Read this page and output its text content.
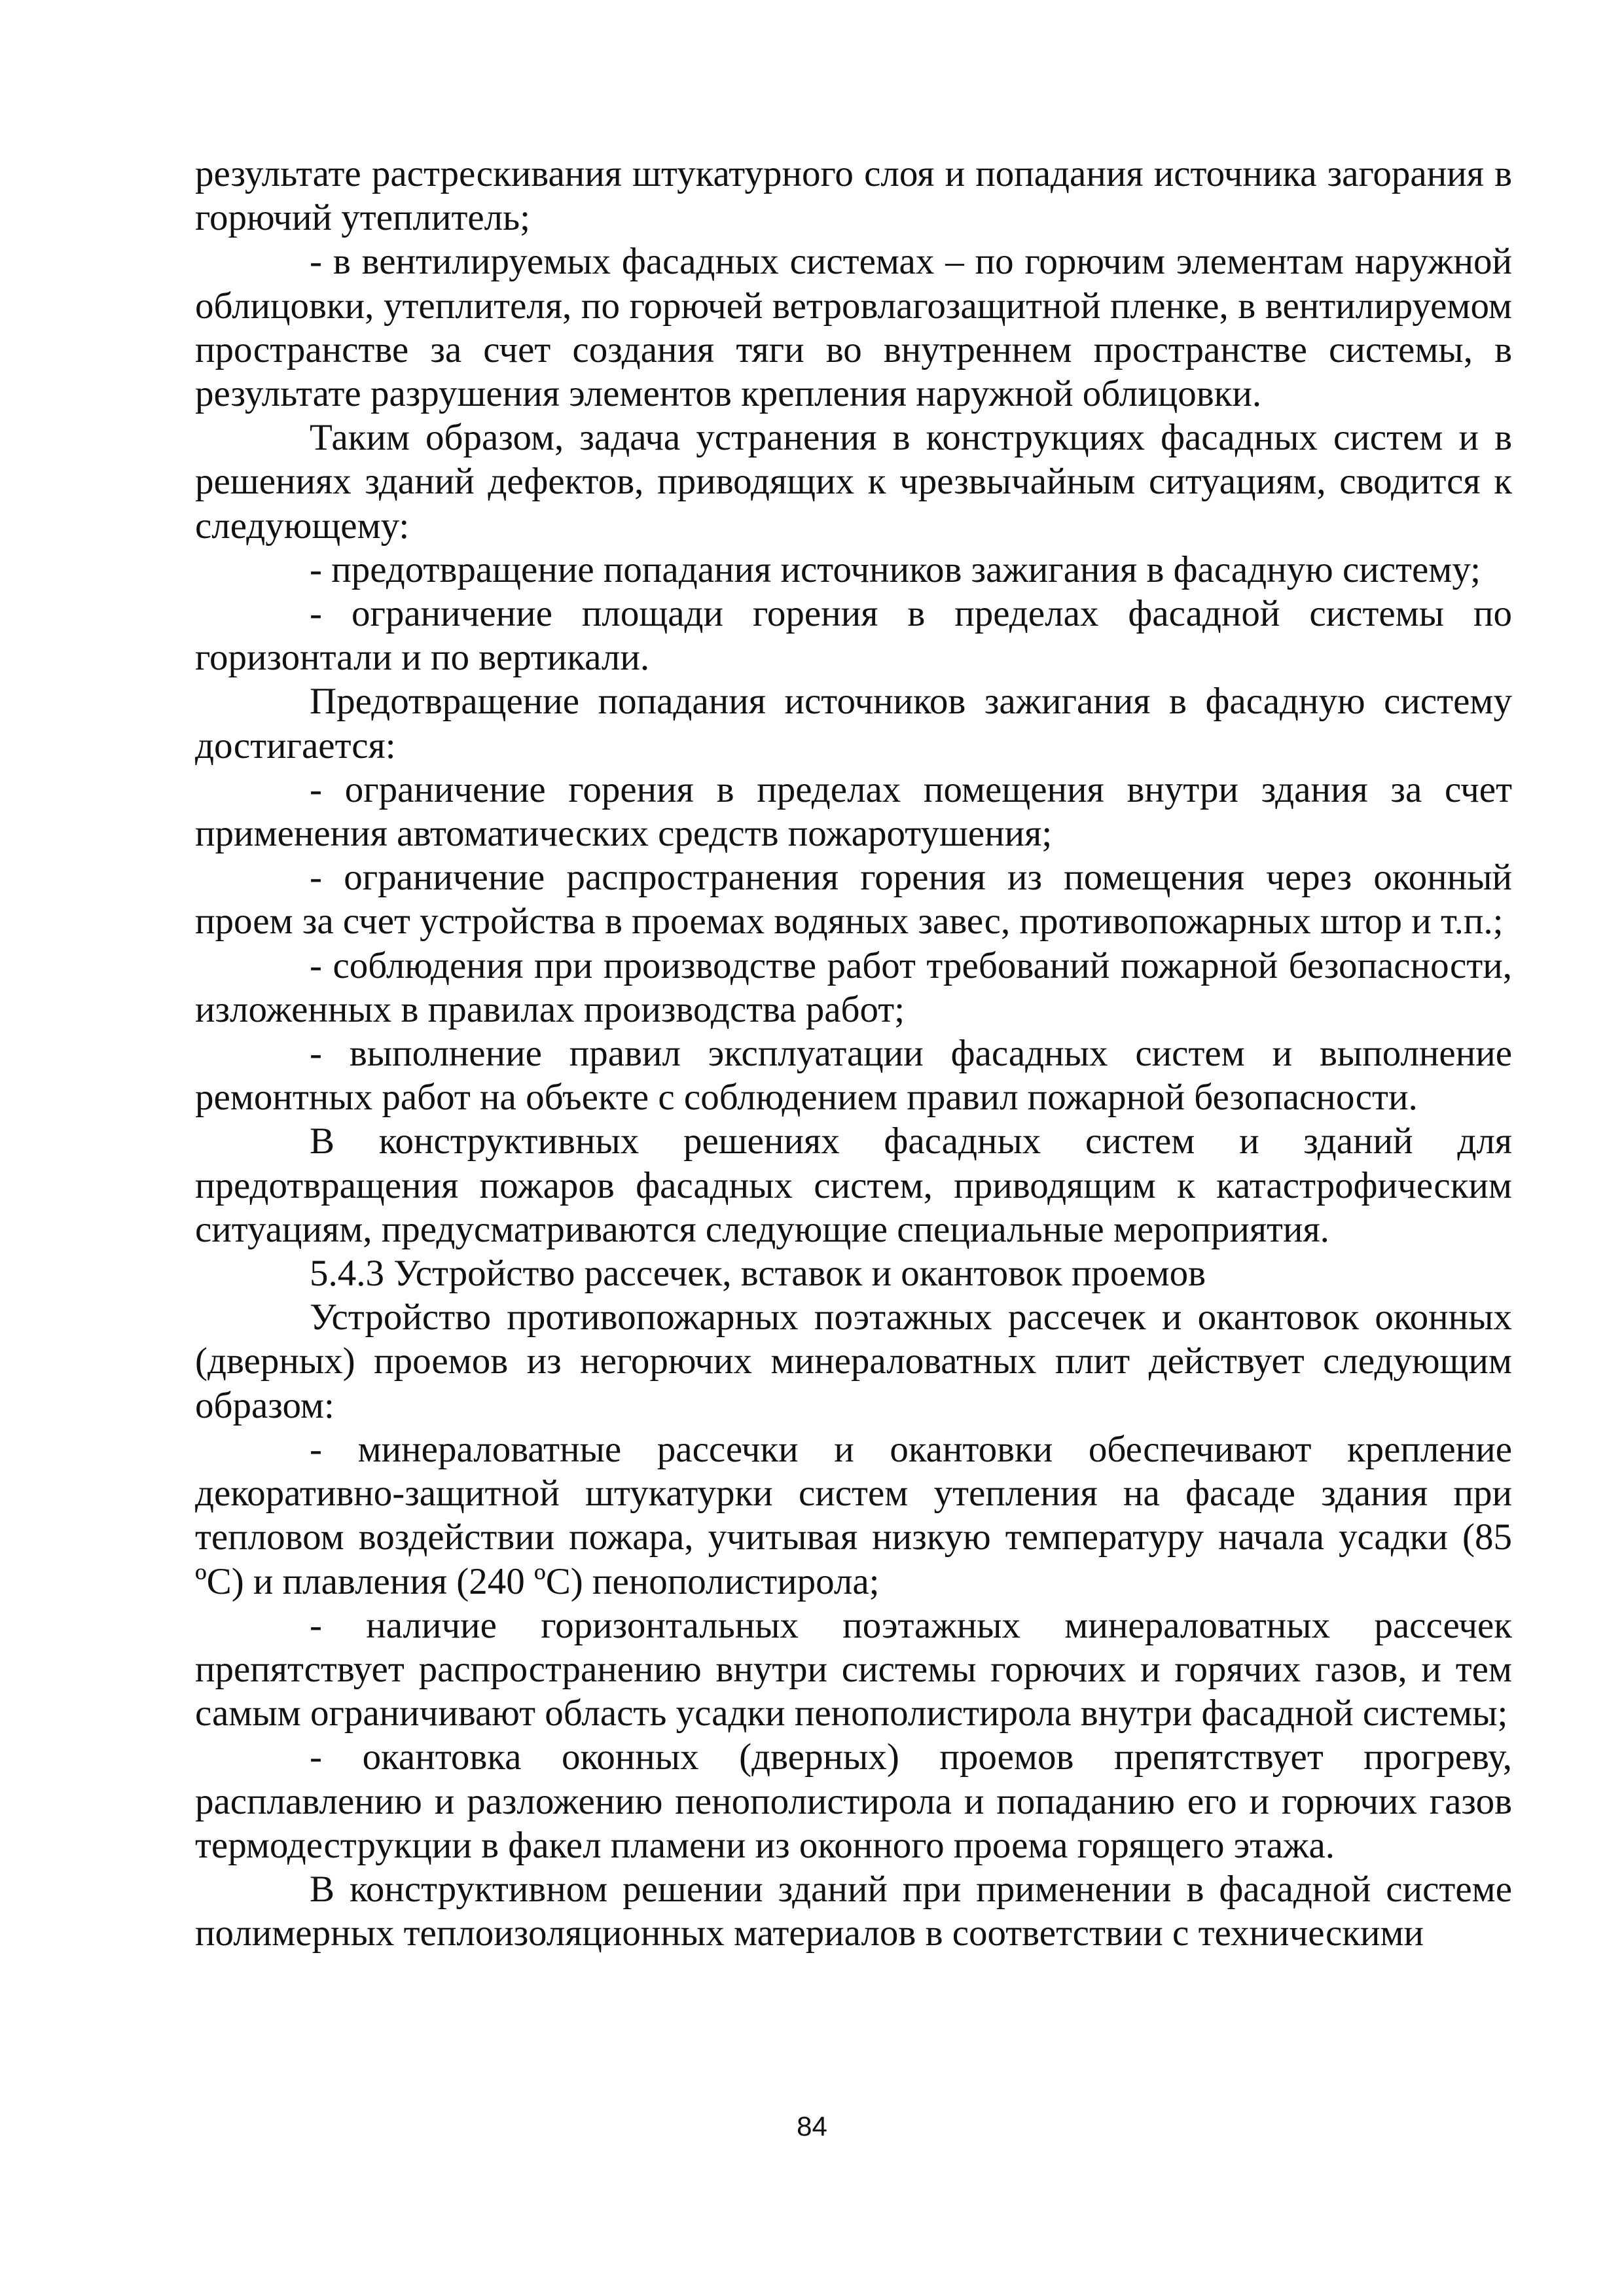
результате растрескивания штукатурного слоя и попадания источника загорания в горючий утеплитель;

- в вентилируемых фасадных системах – по горючим элементам наружной облицовки, утеплителя, по горючей ветровлагозащитной пленке, в вентилируемом пространстве за счет создания тяги во внутреннем пространстве системы, в результате разрушения элементов крепления наружной облицовки.

Таким образом, задача устранения в конструкциях фасадных систем и в решениях зданий дефектов, приводящих к чрезвычайным ситуациям, сводится к следующему:

- предотвращение попадания источников зажигания в фасадную систему;

- ограничение площади горения в пределах фасадной системы по горизонтали и по вертикали.

Предотвращение попадания источников зажигания в фасадную систему достигается:

- ограничение горения в пределах помещения внутри здания за счет применения автоматических средств пожаротушения;

- ограничение распространения горения из помещения через оконный проем за счет устройства в проемах водяных завес, противопожарных штор и т.п.;

- соблюдения при производстве работ требований пожарной безопасности, изложенных в правилах производства работ;

- выполнение правил эксплуатации фасадных систем и выполнение ремонтных работ на объекте с соблюдением правил пожарной безопасности.

В конструктивных решениях фасадных систем и зданий для предотвращения пожаров фасадных систем, приводящим к катастрофическим ситуациям, предусматриваются следующие специальные мероприятия.

5.4.3 Устройство рассечек, вставок и окантовок проемов

Устройство противопожарных поэтажных рассечек и окантовок оконных (дверных) проемов из негорючих минераловатных плит действует следующим образом:

- минераловатные рассечки и окантовки обеспечивают крепление декоративно-защитной штукатурки систем утепления на фасаде здания при тепловом воздействии пожара, учитывая низкую температуру начала усадки (85 ºС) и плавления (240 ºС) пенополистирола;

- наличие горизонтальных поэтажных минераловатных рассечек препятствует распространению внутри системы горючих и горячих газов, и тем самым ограничивают область усадки пенополистирола внутри фасадной системы;

- окантовка оконных (дверных) проемов препятствует прогреву, расплавлению и разложению пенополистирола и попаданию его и горючих газов термодеструкции в факел пламени из оконного проема горящего этажа.

В конструктивном решении зданий при применении в фасадной системе полимерных теплоизоляционных материалов в соответствии с техническими

84
